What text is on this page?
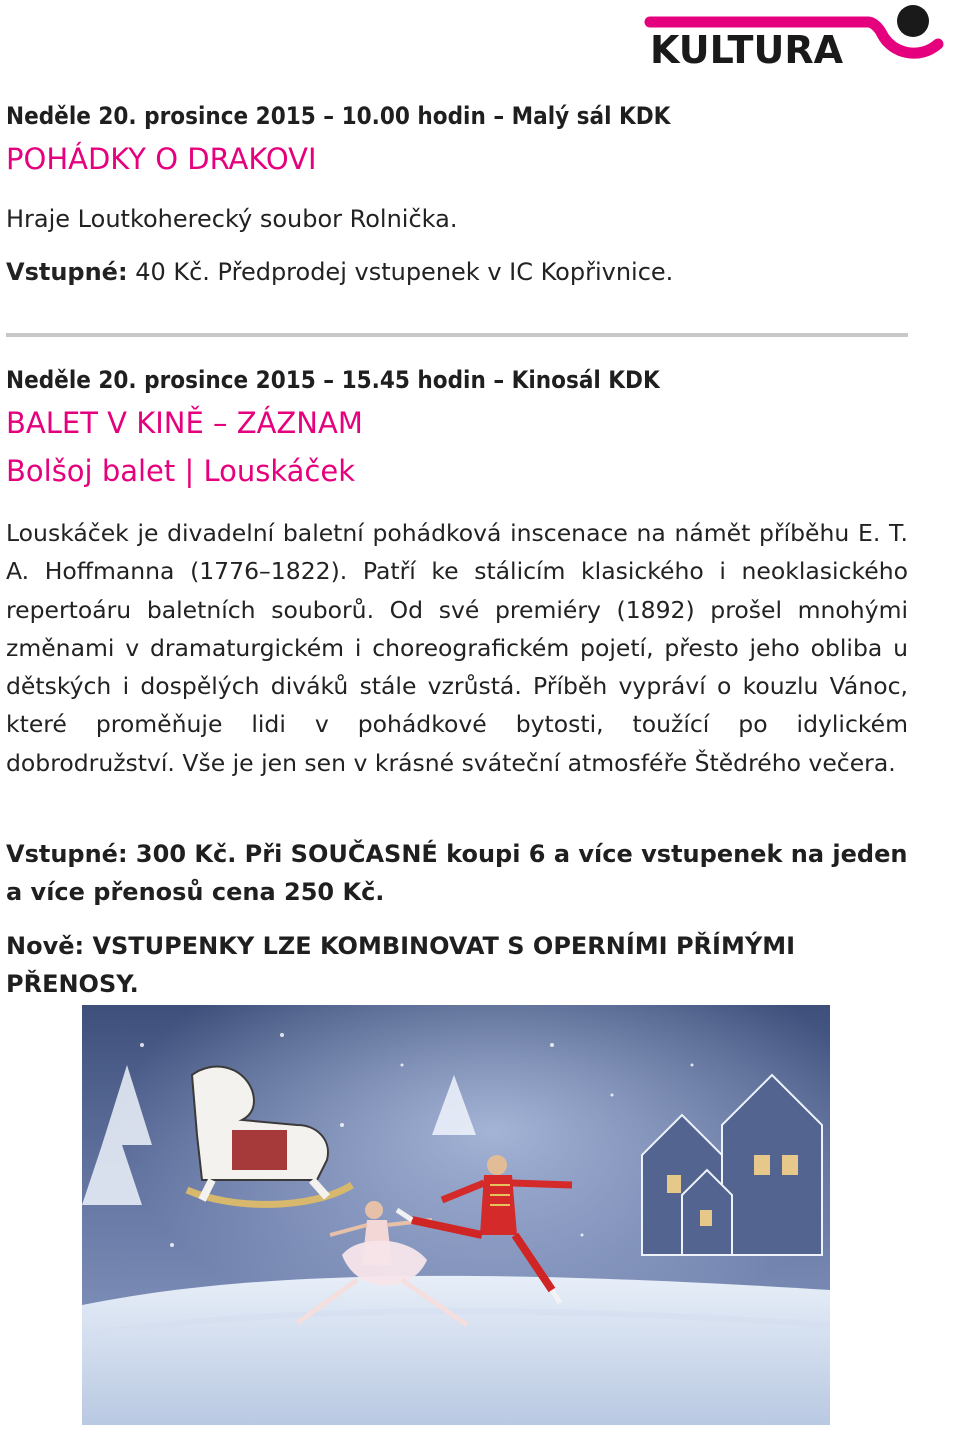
KULTURA
Neděle 20. prosince 2015 – 10.00 hodin – Malý sál KDK
POHÁDKY O DRAKOVI
Hraje Loutkoherecký soubor Rolnička.
Vstupné: 40 Kč. Předprodej vstupenek v IC Kopřivnice.
Neděle 20. prosince 2015 – 15.45 hodin – Kinosál KDK
BALET V KINĚ – ZÁZNAM
Bolšoj balet | Louskáček
Louskáček je divadelní baletní pohádková inscenace na námět příběhu E. T. A. Hoffmanna (1776–1822). Patří ke stálicím klasického i neoklasického repertoáru baletních souborů. Od své premiéry (1892) prošel mnohými změnami v dramaturgickém i choreografickém pojetí, přesto jeho obliba u dětských i dospělých diváků stále vzrůstá. Příběh vypráví o kouzlu Vánoc, které proměňuje lidi v pohádkové bytosti, toužící po idylickém dobrodružství. Vše je jen sen v krásné sváteční atmosféře Štědrého večera.
Vstupné: 300 Kč. Při SOUČASNÉ koupi 6 a více vstupenek na jeden a více přenosů cena 250 Kč.
Nově: VSTUPENKY LZE KOMBINOVAT S OPERNÍMI PŘÍMÝMI PŘENOSY.
